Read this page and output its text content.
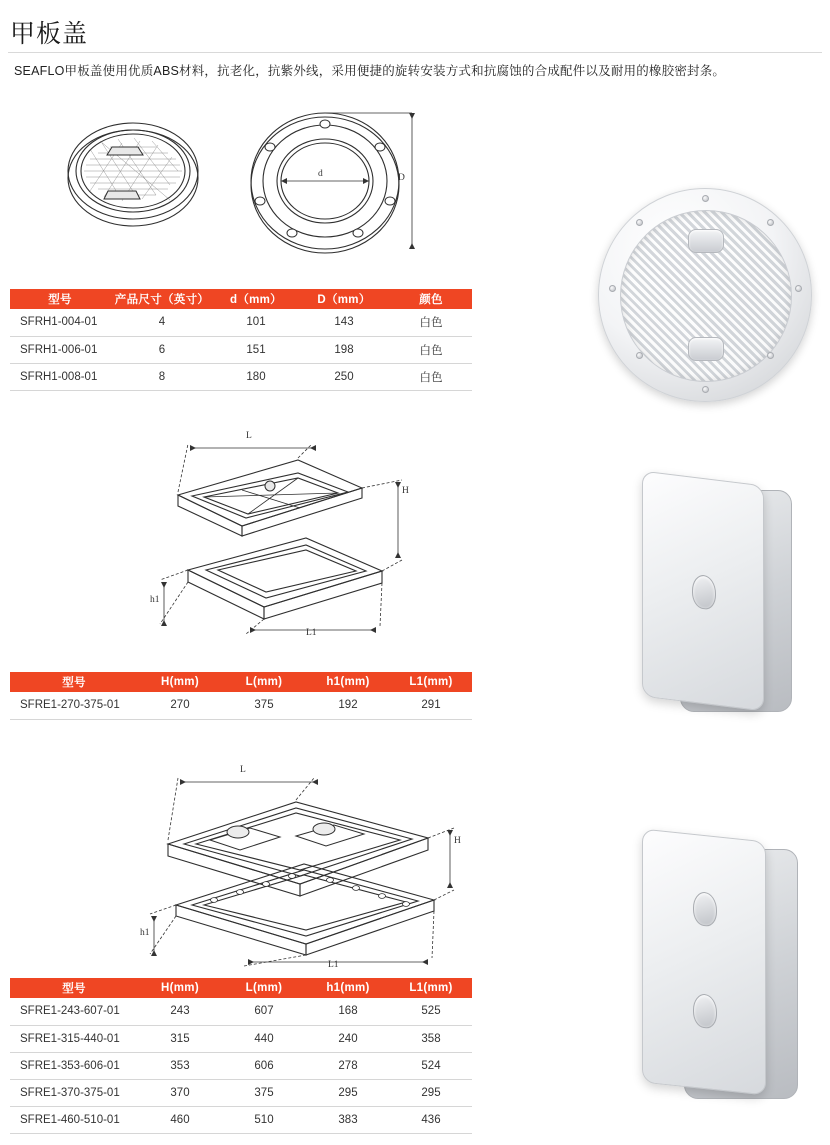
甲板盖
SEAFLO甲板盖使用优质ABS材料，抗老化，抗紫外线，采用便捷的旋转安装方式和抗腐蚀的合成配件以及耐用的橡胶密封条。
d	D
型号	产品尺寸（英寸）	d（mm）	D（mm）	颜色
SFRH1-004-01	4	101	143	白色
SFRH1-006-01	6	151	198	白色
SFRH1-008-01	8	180	250	白色
L
H
h1
L1
型号	H(mm)	L(mm)	h1(mm)	L1(mm)
SFRE1-270-375-01	270	375	192	291
L
H
h1
L1
型号	H(mm)	L(mm)	h1(mm)	L1(mm)
SFRE1-243-607-01	243	607	168	525
SFRE1-315-440-01	315	440	240	358
SFRE1-353-606-01	353	606	278	524
SFRE1-370-375-01	370	375	295	295
SFRE1-460-510-01	460	510	383	436
